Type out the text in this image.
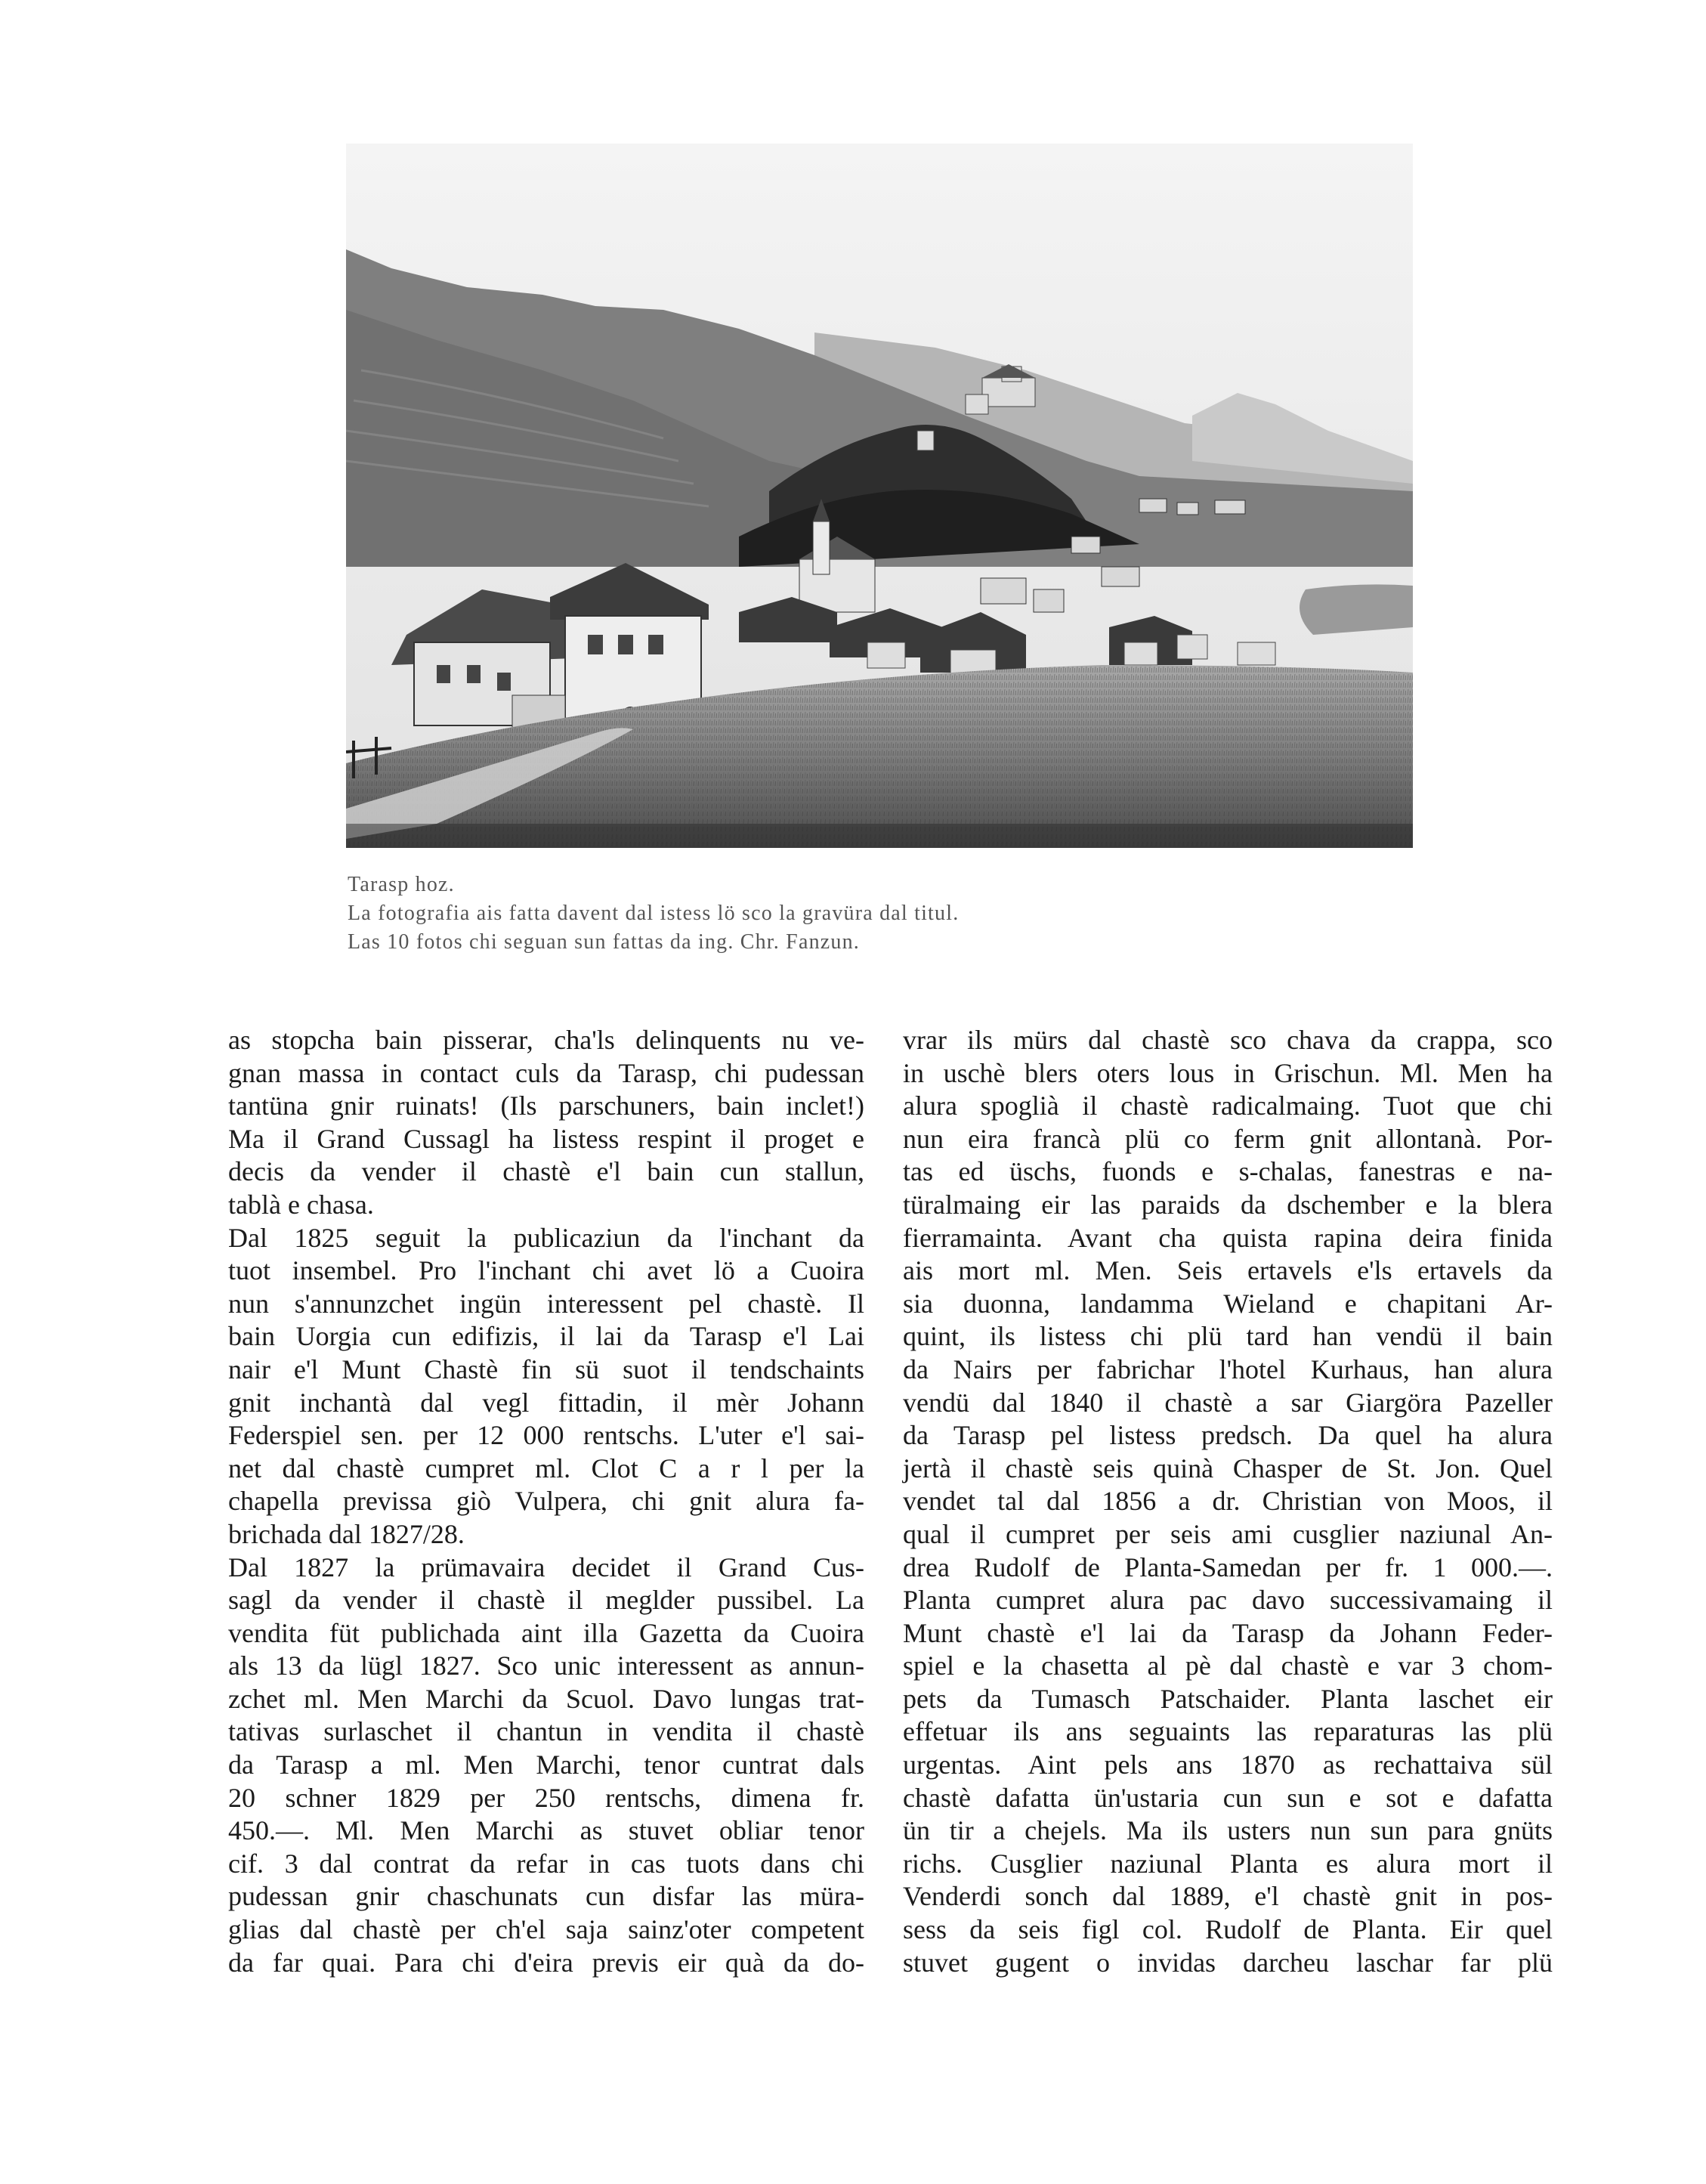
Tarasp hoz.
La fotografia ais fatta davent dal istess lö sco la gravüra dal titul.
Las 10 fotos chi seguan sun fattas da ing. Chr. Fanzun.
as stopcha bain pisserar, cha'ls delinquents nu ve-
gnan massa in contact culs da Tarasp, chi pudessan
tantüna gnir ruinats! (Ils parschuners, bain inclet!)
Ma il Grand Cussagl ha listess respint il proget e
decis da vender il chastè e'l bain cun stallun,
tablà e chasa.
Dal 1825 seguit la publicaziun da l'inchant da
tuot insembel. Pro l'inchant chi avet lö a Cuoira
nun s'annunzchet ingün interessent pel chastè. Il
bain Uorgia cun edifizis, il lai da Tarasp e'l Lai
nair e'l Munt Chastè fin sü suot il tendschaints
gnit inchantà dal vegl fittadin, il mèr Johann
Federspiel sen. per 12 000 rentschs. L'uter e'l sai-
net dal chastè cumpret ml. Clot C a r l per la
chapella previssa giò Vulpera, chi gnit alura fa-
brichada dal 1827/28.
Dal 1827 la prümavaira decidet il Grand Cus-
sagl da vender il chastè il meglder pussibel. La
vendita füt publichada aint illa Gazetta da Cuoira
als 13 da lügl 1827. Sco unic interessent as annun-
zchet ml. Men Marchi da Scuol. Davo lungas trat-
tativas surlaschet il chantun in vendita il chastè
da Tarasp a ml. Men Marchi, tenor cuntrat dals
20 schner 1829 per 250 rentschs, dimena fr.
450.—. Ml. Men Marchi as stuvet obliar tenor
cif. 3 dal contrat da refar in cas tuots dans chi
pudessan gnir chaschunats cun disfar las müra-
glias dal chastè per ch'el saja sainz'oter competent
da far quai. Para chi d'eira previs eir quà da do-
vrar ils mürs dal chastè sco chava da crappa, sco
in uschè blers oters lous in Grischun. Ml. Men ha
alura spoglià il chastè radicalmaing. Tuot que chi
nun eira francà plü co ferm gnit allontanà. Por-
tas ed üschs, fuonds e s-chalas, fanestras e na-
türalmaing eir las paraids da dschember e la blera
fierramainta. Avant cha quista rapina deira finida
ais mort ml. Men. Seis ertavels e'ls ertavels da
sia duonna, landamma Wieland e chapitani Ar-
quint, ils listess chi plü tard han vendü il bain
da Nairs per fabrichar l'hotel Kurhaus, han alura
vendü dal 1840 il chastè a sar Giargöra Pazeller
da Tarasp pel listess predsch. Da quel ha alura
jertà il chastè seis quinà Chasper de St. Jon. Quel
vendet tal dal 1856 a dr. Christian von Moos, il
qual il cumpret per seis ami cusglier naziunal An-
drea Rudolf de Planta-Samedan per fr. 1 000.—.
Planta cumpret alura pac davo successivamaing il
Munt chastè e'l lai da Tarasp da Johann Feder-
spiel e la chasetta al pè dal chastè e var 3 chom-
pets da Tumasch Patschaider. Planta laschet eir
effetuar ils ans seguaints las reparaturas las plü
urgentas. Aint pels ans 1870 as rechattaiva sül
chastè dafatta ün'ustaria cun sun e sot e dafatta
ün tir a chejels. Ma ils usters nun sun para gnüts
richs. Cusglier naziunal Planta es alura mort il
Venderdi sonch dal 1889, e'l chastè gnit in pos-
sess da seis figl col. Rudolf de Planta. Eir quel
stuvet gugent o invidas darcheu laschar far plü
